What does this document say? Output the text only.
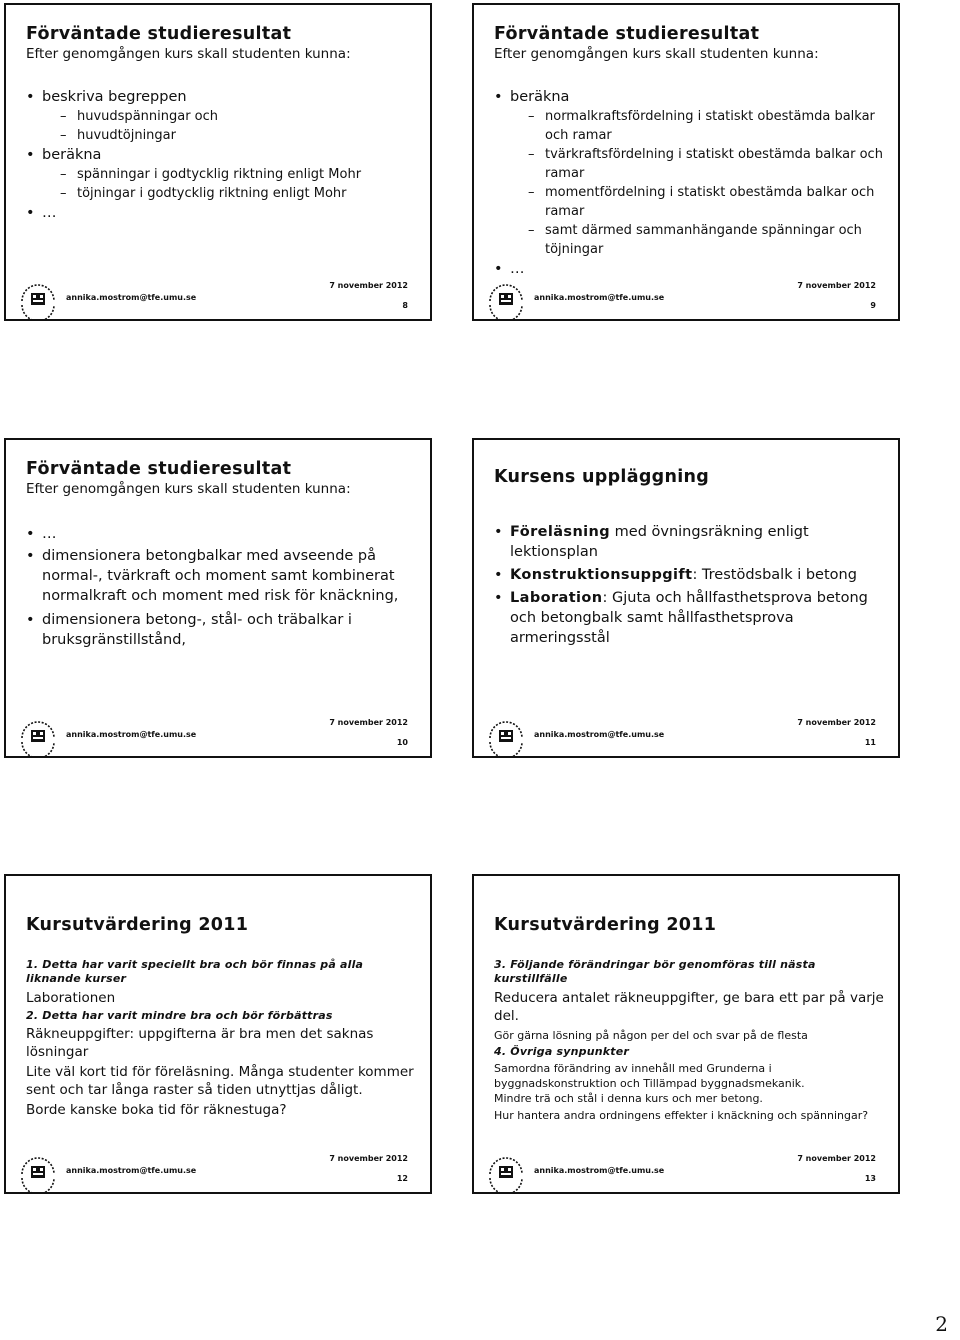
Förväntade studieresultat

Efter genomgången kurs skall studenten kunna:

• beskriva begreppen
– huvudspänningar och
– huvudtöjningar
• beräkna
– spänningar i godtycklig riktning enligt Mohr
– töjningar i godtycklig riktning enligt Mohr
• …
annika.mostrom@tfe.umu.se
7 november 2012
8

Förväntade studieresultat

Efter genomgången kurs skall studenten kunna:

• beräkna
– normalkraftsfördelning i statiskt obestämda balkar och ramar
– tvärkraftsfördelning i statiskt obestämda balkar och ramar
– momentfördelning i statiskt obestämda balkar och ramar
– samt därmed sammanhängande spänningar och töjningar
• …
annika.mostrom@tfe.umu.se
7 november 2012
9

Förväntade studieresultat

Efter genomgången kurs skall studenten kunna:

• …
• dimensionera betongbalkar med avseende på normal-, tvärkraft och moment samt kombinerat normalkraft och moment med risk för knäckning,
• dimensionera betong-, stål- och träbalkar i bruksgränstillstånd,
annika.mostrom@tfe.umu.se
7 november 2012
10

Kursens uppläggning

• Föreläsning med övningsräkning enligt lektionsplan
• Konstruktionsuppgift: Trestödsbalk i betong
• Laboration: Gjuta och hållfasthetsprova betong och betongbalk samt hållfasthetsprova armeringsstål
annika.mostrom@tfe.umu.se
7 november 2012
11

Kursutvärdering 2011

1. Detta har varit speciellt bra och bör finnas på alla liknande kurser

Laborationen

2. Detta har varit mindre bra och bör förbättras

Räkneuppgifter: uppgifterna är bra men det saknas lösningar

Lite väl kort tid för föreläsning. Många studenter kommer sent och tar långa raster så tiden utnyttjas dåligt.

Borde kanske boka tid för räknestuga?

annika.mostrom@tfe.umu.se
7 november 2012
12

Kursutvärdering 2011

3. Följande förändringar bör genomföras till nästa kurstillfälle

Reducera antalet räkneuppgifter, ge bara ett par på varje del.

Gör gärna lösning på någon per del och svar på de flesta

4. Övriga synpunkter

Samordna förändring av innehåll med Grunderna i byggnadskonstruktion och Tillämpad byggnadsmekanik.

Mindre trä och stål i denna kurs och mer betong.

Hur hantera andra ordningens effekter i knäckning och spänningar?

annika.mostrom@tfe.umu.se
7 november 2012
13
2
